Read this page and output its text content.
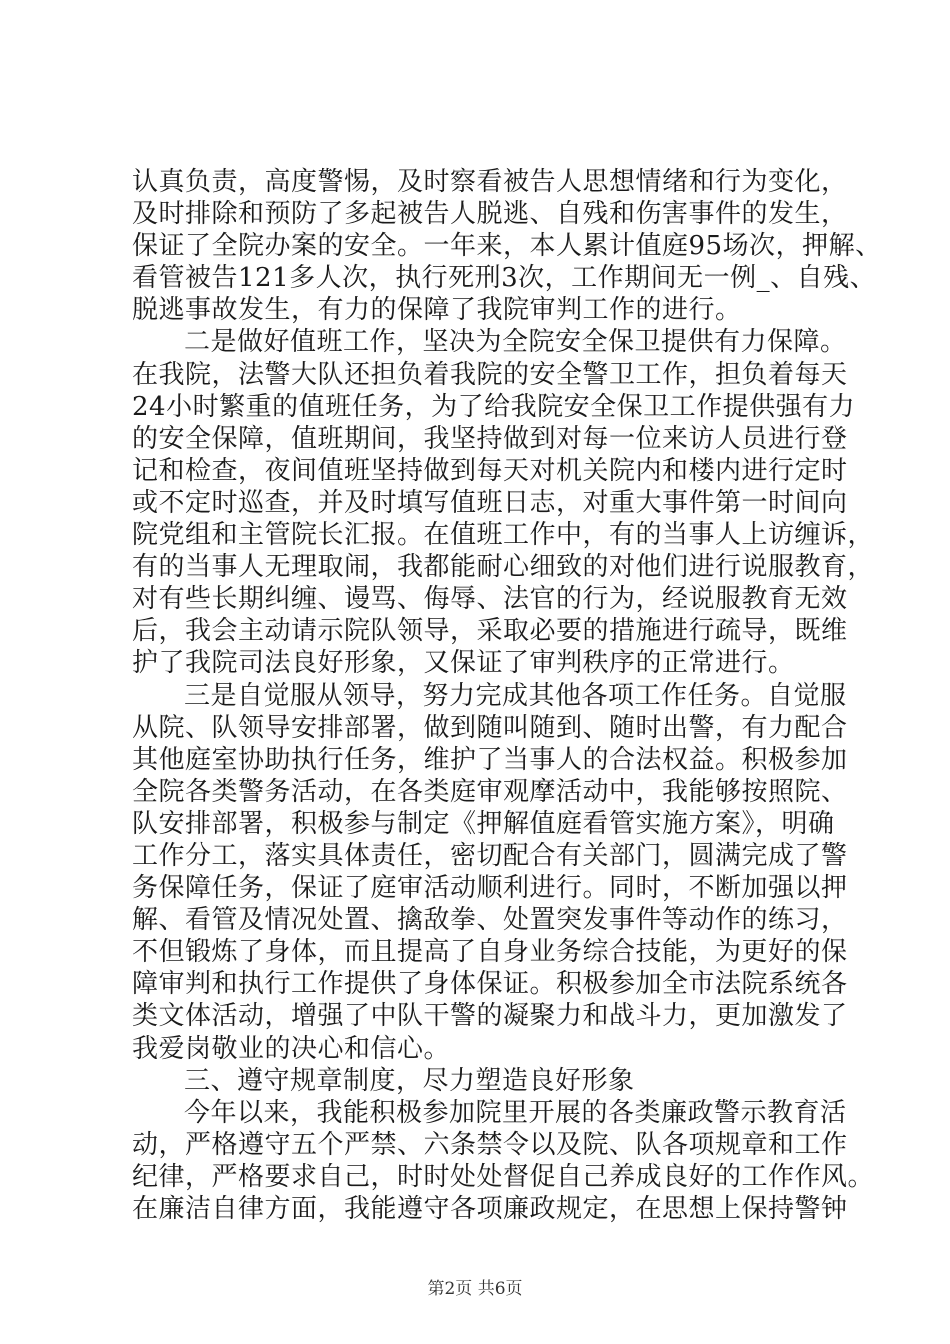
认真负责，高度警惕，及时察看被告人思想情绪和行为变化，
及时排除和预防了多起被告人脱逃、自残和伤害事件的发生，
保证了全院办案的安全。一年来，本人累计值庭95场次，押解、
看管被告121多人次，执行死刑3次，工作期间无一例_、自残、
脱逃事故发生，有力的保障了我院审判工作的进行。
二是做好值班工作，坚决为全院安全保卫提供有力保障。
在我院，法警大队还担负着我院的安全警卫工作，担负着每天
24小时繁重的值班任务，为了给我院安全保卫工作提供强有力
的安全保障，值班期间，我坚持做到对每一位来访人员进行登
记和检查，夜间值班坚持做到每天对机关院内和楼内进行定时
或不定时巡查，并及时填写值班日志，对重大事件第一时间向
院党组和主管院长汇报。在值班工作中，有的当事人上访缠诉，
有的当事人无理取闹，我都能耐心细致的对他们进行说服教育，
对有些长期纠缠、谩骂、侮辱、法官的行为，经说服教育无效
后，我会主动请示院队领导，采取必要的措施进行疏导，既维
护了我院司法良好形象，又保证了审判秩序的正常进行。
三是自觉服从领导，努力完成其他各项工作任务。自觉服
从院、队领导安排部署，做到随叫随到、随时出警，有力配合
其他庭室协助执行任务，维护了当事人的合法权益。积极参加
全院各类警务活动，在各类庭审观摩活动中，我能够按照院、
队安排部署，积极参与制定《押解值庭看管实施方案》，明确
工作分工，落实具体责任，密切配合有关部门，圆满完成了警
务保障任务，保证了庭审活动顺利进行。同时，不断加强以押
解、看管及情况处置、擒敌拳、处置突发事件等动作的练习，
不但锻炼了身体，而且提高了自身业务综合技能，为更好的保
障审判和执行工作提供了身体保证。积极参加全市法院系统各
类文体活动，增强了中队干警的凝聚力和战斗力，更加激发了
我爱岗敬业的决心和信心。
三、遵守规章制度，尽力塑造良好形象
今年以来，我能积极参加院里开展的各类廉政警示教育活
动，严格遵守五个严禁、六条禁令以及院、队各项规章和工作
纪律，严格要求自己，时时处处督促自己养成良好的工作作风。
在廉洁自律方面，我能遵守各项廉政规定，在思想上保持警钟
第2页 共6页
